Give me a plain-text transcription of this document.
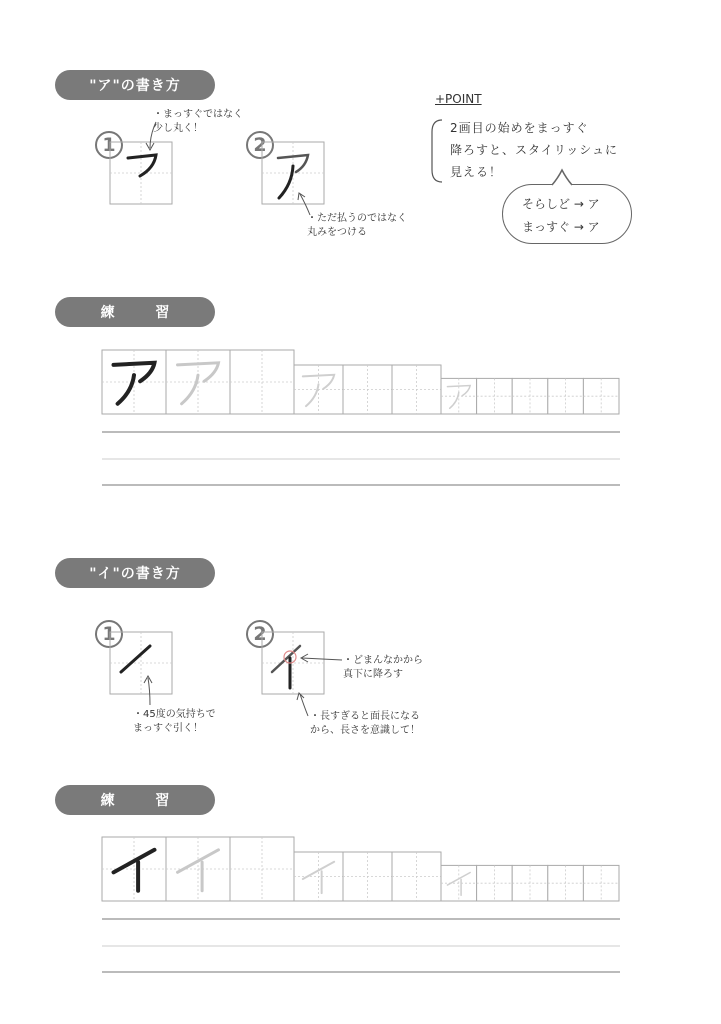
"ア"の書き方
1	2
・まっすぐではなく
少し丸く！
・ただ払うのではなく
丸みをつける
+POINT
2画目の始めをまっすぐ
降ろすと、スタイリッシュに
見える！
そらしど → ア
まっすぐ → ア
練 習
"イ"の書き方
1	2
・45度の気持ちで
まっすぐ引く！
・どまんなかから
真下に降ろす
・長すぎると面長になる
から、長さを意識して！
練 習
